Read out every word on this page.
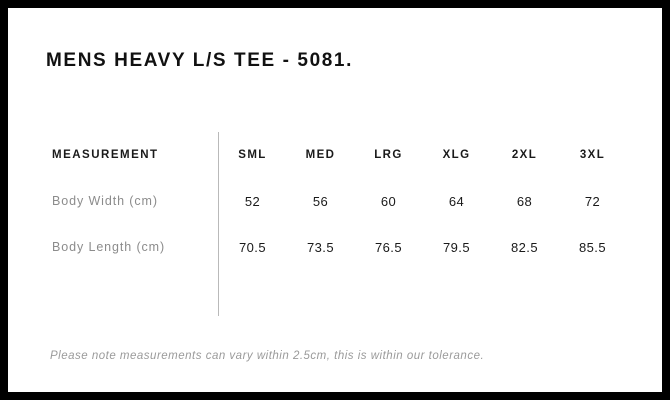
MENS HEAVY L/S TEE - 5081.
MEASUREMENT	SML	MED	LRG	XLG	2XL	3XL
Body Width (cm)	52	56	60	64	68	72
Body Length (cm)	70.5	73.5	76.5	79.5	82.5	85.5

Please note measurements can vary within 2.5cm, this is within our tolerance.
